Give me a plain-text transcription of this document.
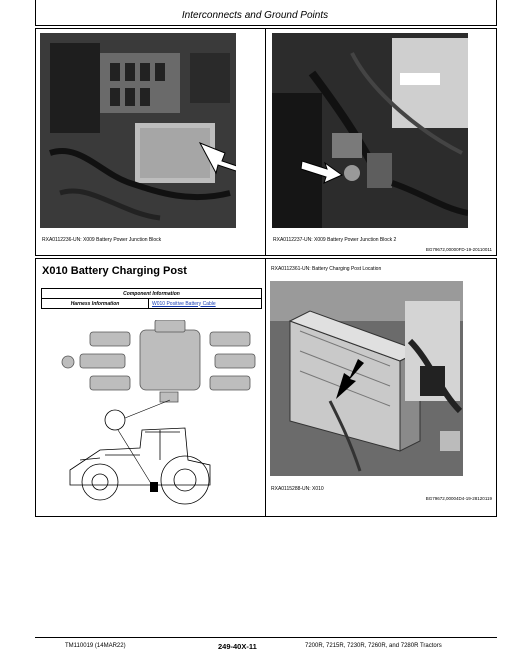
Interconnects and Ground Points
RXA0112236-UN: X009 Battery Power Junction Block	RXA0112237-UN: X009 Battery Power Junction Block 2
BG79672,00000FD-19-20110011
X010 Battery Charging Post
Component Information
Harness Information	W010 Positive Battery Cable
RXA0112361-UN: Battery Charging Post Location
RXA0115288-UN: X010
BG79672,00004D4-19-28120119
TM110019 (14MAR22)	249-40X-11	7200R, 7215R, 7230R, 7260R, and 7280R Tractors
